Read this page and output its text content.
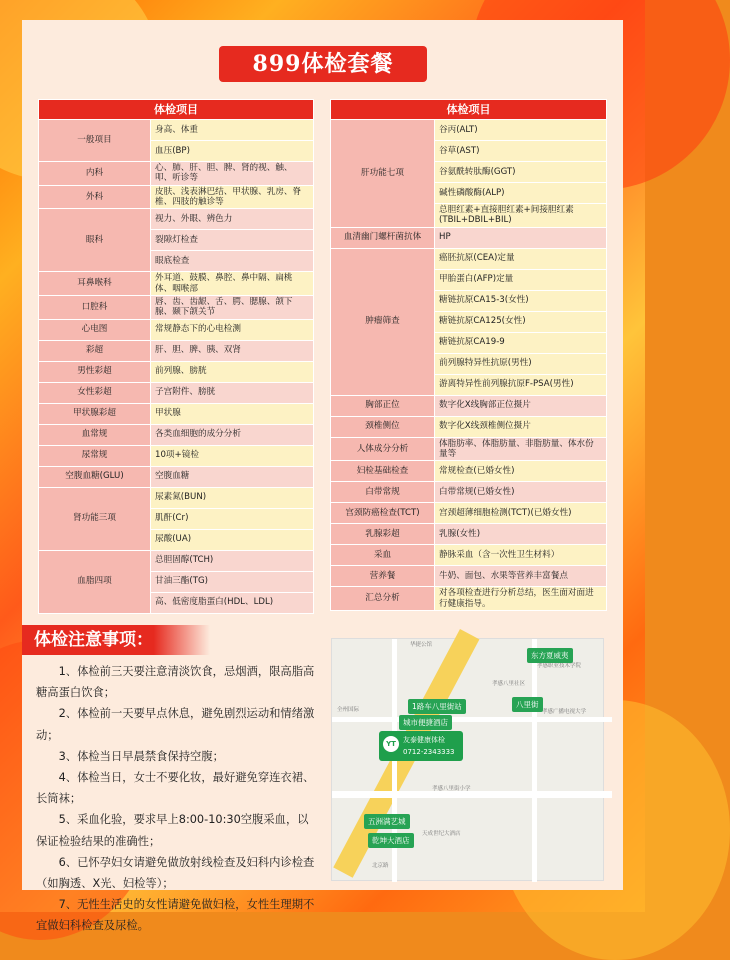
899体检套餐
体检项目	
一般项目	身高、体重
	血压(BP)
内科	心、肺、肝、胆、脾、肾的视、触、叩、听诊等
外科	皮肤、浅表淋巴结、甲状腺、乳房、脊椎、四肢的触诊等
眼科	视力、外眼、辨色力
	裂隙灯检查
	眼底检查
耳鼻喉科	外耳道、鼓膜、鼻腔、鼻中隔、扁桃体、咽喉部
口腔科	唇、齿、齿龈、舌、腭、腮腺、颌下腺、颞下颌关节
心电图	常规静态下的心电检测
彩超	肝、胆、脾、胰、双肾
男性彩超	前列腺、膀胱
女性彩超	子宫附件、膀胱
甲状腺彩超	甲状腺
血常规	各类血细胞的成分分析
尿常规	10项+镜检
空腹血糖(GLU)	空腹血糖
肾功能三项	尿素氮(BUN)
	肌酐(Cr)
	尿酸(UA)
血脂四项	总胆固醇(TCH)
	甘油三酯(TG)
	高、低密度脂蛋白(HDL、LDL)
体检项目	
肝功能七项	谷丙(ALT)
	谷草(AST)
	谷氨酰转肽酶(GGT)
	碱性磷酸酶(ALP)
	总胆红素+直接胆红素+间接胆红素(TBIL+DBIL+BIL)
血清幽门螺杆菌抗体	HP
肿瘤筛查	癌胚抗原(CEA)定量
	甲胎蛋白(AFP)定量
	糖链抗原CA15-3(女性)
	糖链抗原CA125(女性)
	糖链抗原CA19-9
	前列腺特异性抗原(男性)
	游离特异性前列腺抗原F-PSA(男性)
胸部正位	数字化X线胸部正位摄片
颈椎侧位	数字化X线颈椎侧位摄片
人体成分分析	体脂肪率、体脂肪量、非脂肪量、体水份量等
妇检基础检查	常规检查(已婚女性)
白带常规	白带常规(已婚女性)
宫颈防癌检查(TCT)	宫颈超薄细胞检测(TCT)(已婚女性)
乳腺彩超	乳腺(女性)
采血	静脉采血（含一次性卫生材料）
营养餐	牛奶、面包、水果等营养丰富餐点
汇总分析	对各项检查进行分析总结，医生面对面进行健康指导。
体检注意事项：

1、体检前三天要注意清淡饮食，忌烟酒，限高脂高糖高蛋白饮食；

2、体检前一天要早点休息，避免剧烈运动和情绪激动；

3、体检当日早晨禁食保持空腹；

4、体检当日，女士不要化妆，最好避免穿连衣裙、长筒袜；

5、采血化验，要求早上8:00-10:30空腹采血，以保证检验结果的准确性；

6、已怀孕妇女请避免做放射线检查及妇科内诊检查（如胸透、X光、妇检等）；

7、无性生活史的女性请避免做妇检，女性生理期不宜做妇科检查及尿检。

华捷公馆
孝感八里社区
孝感职业技术学院
孝感广播电视大学
全州国际
孝感八里街小学
天成世纪大酒店
北京路
东方夏威夷
八里街
1路车八里街站
城市便捷酒店
五洲满艺城
乾坤大酒店
YT	友泰健康体检
0712-2343333
